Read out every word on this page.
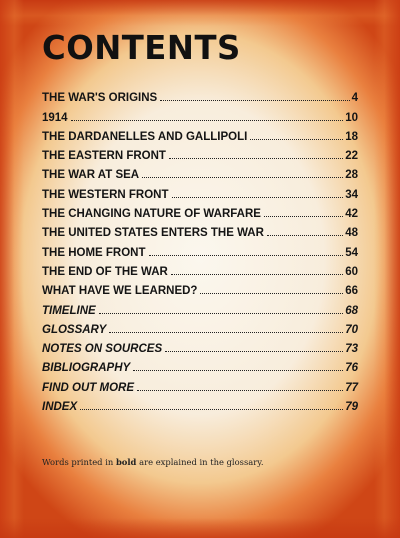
CONTENTS
THE WAR'S ORIGINS	4
1914	10
THE DARDANELLES AND GALLIPOLI	18
THE EASTERN FRONT	22
THE WAR AT SEA	28
THE WESTERN FRONT	34
THE CHANGING NATURE OF WARFARE	42
THE UNITED STATES ENTERS THE WAR	48
THE HOME FRONT	54
THE END OF THE WAR	60
WHAT HAVE WE LEARNED?	66
TIMELINE	68
GLOSSARY	70
NOTES ON SOURCES	73
BIBLIOGRAPHY	76
FIND OUT MORE	77
INDEX	79

Words printed in bold are explained in the glossary.
